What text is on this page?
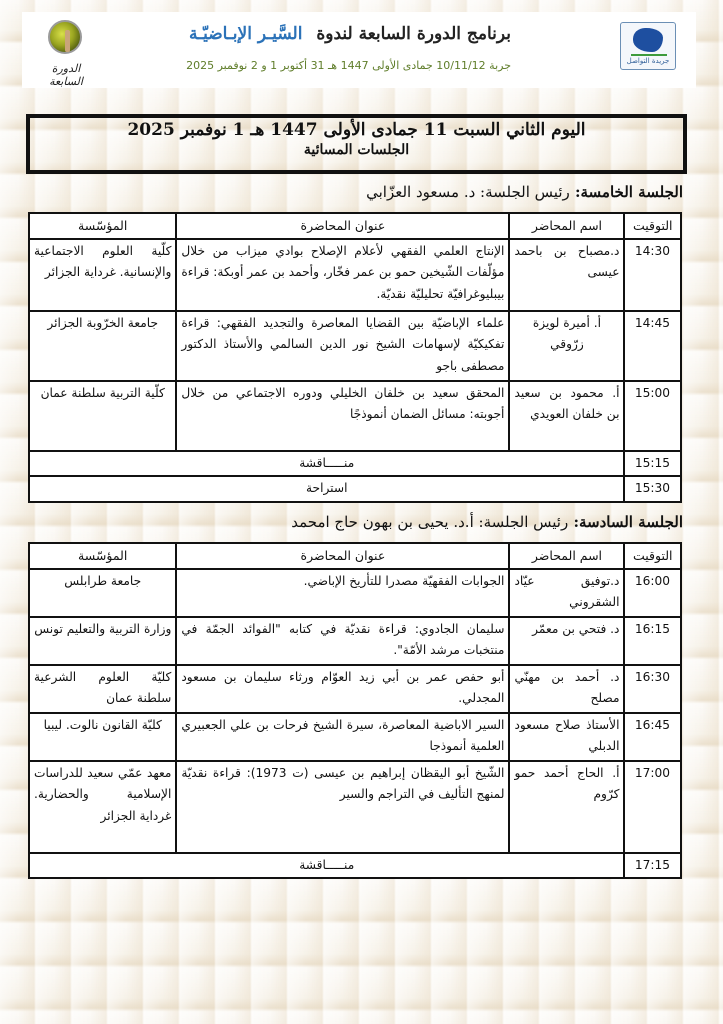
الدورة السابعة
برنامج الدورة السابعة لندوة السَّيـر الإبـاضيّـة
جربة 10/11/12 جمادى الأولى 1447 هـ 31 أكتوبر 1 و 2 نوفمبر 2025	جريدة التواصل
اليوم الثاني السبت 11 جمادى الأولى 1447 هـ 1 نوفمبر 2025
الجلسات المسائية
الجلسة الخامسة: رئيس الجلسة: د. مسعود العزّابي
التوقيت	اسم المحاضر	عنوان المحاضرة	المؤسّسة
14:30	د.مصباح بن باحمد عيسى	الإنتاج العلمي الفقهي لأعلام الإصلاح بوادي ميزاب من خلال مؤلّفات الشّيخين حمو بن عمر فخّار، وأحمد بن عمر أوبكة: قراءة بيبليوغرافيّة تحليليّة نقديّة.	كلّية العلوم الاجتماعية والإنسانية. غرداية الجزائر
14:45	أ. أميرة لويزة زرّوقي	علماء الإباضيّة بين القضايا المعاصرة والتجديد الفقهي: قراءة تفكيكيّة لإسهامات الشيخ نور الدين السالمي والأستاذ الدكتور مصطفى باجو	جامعة الخرّوبة الجزائر
15:00	أ. محمود بن سعيد بن خلفان العويدي	المحقق سعيد بن خلفان الخليلي ودوره الاجتماعي من خلال أجوبته: مسائل الضمان أنموذجًا	كلّية التربية سلطنة عمان
15:15	منـــــاقشة		
15:30	استراحة		
الجلسة السادسة: رئيس الجلسة: أ.د. يحيى بن بهون حاج امحمد
التوقيت	اسم المحاضر	عنوان المحاضرة	المؤسّسة
16:00	د.توفيق عيّاد الشقروني	الجوابات الفقهيّة مصدرا للتأريخ الإباضي.	جامعة طرابلس
16:15	د. فتحي بن معمّر	سليمان الجادوي: قراءة نقديّة في كتابه "الفوائد الجمّة في منتخبات مرشد الأمّة".	وزارة التربية والتعليم تونس
16:30	د. أحمد بن مهنّي مصلح	أبو حفص عمر بن أبي زيد العوّام ورثاء سليمان بن مسعود المجدلي.	كليّة العلوم الشرعية سلطنة عمان
16:45	الأستاذ صلاح مسعود الدبلي	السير الاباضية المعاصرة، سيرة الشيخ فرحات بن علي الجعبيري العلمية أنموذجا	كليّة القانون نالوت. ليبيا
17:00	أ. الحاج أحمد حمو كرّوم	الشّيخ أبو اليقظان إبراهيم بن عيسى (ت 1973): قراءة نقديّة لمنهج التأليف في التراجم والسير	معهد عمّي سعيد للدراسات الإسلامية والحضارية. غرداية الجزائر
17:15	منـــــاقشة		
